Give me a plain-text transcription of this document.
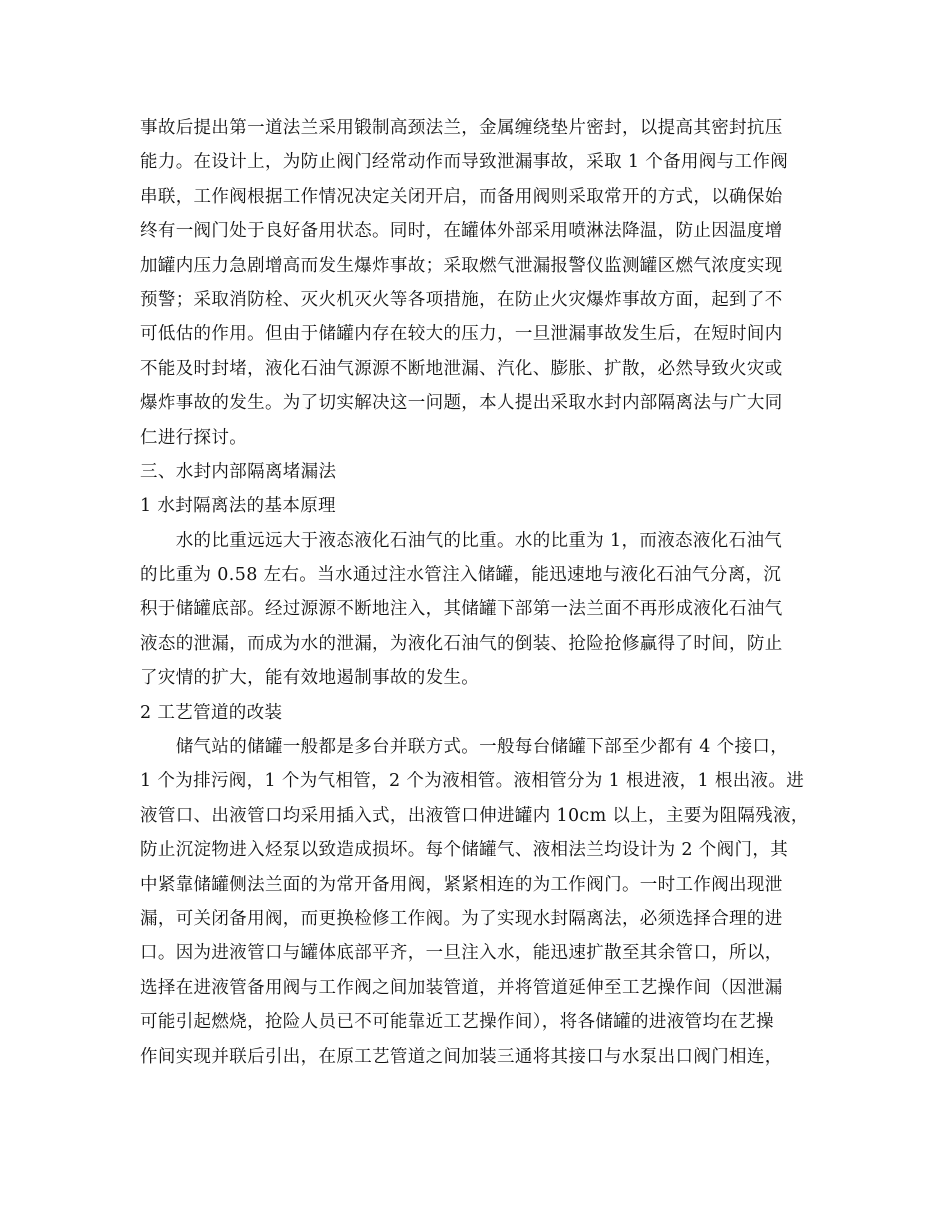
事故后提出第一道法兰采用锻制高颈法兰，金属缠绕垫片密封，以提高其密封抗压
能力。在设计上，为防止阀门经常动作而导致泄漏事故，采取 1 个备用阀与工作阀
串联，工作阀根据工作情况决定关闭开启，而备用阀则采取常开的方式，以确保始
终有一阀门处于良好备用状态。同时，在罐体外部采用喷淋法降温，防止因温度增
加罐内压力急剧增高而发生爆炸事故；采取燃气泄漏报警仪监测罐区燃气浓度实现
预警；采取消防栓、灭火机灭火等各项措施，在防止火灾爆炸事故方面，起到了不
可低估的作用。但由于储罐内存在较大的压力，一旦泄漏事故发生后，在短时间内
不能及时封堵，液化石油气源源不断地泄漏、汽化、膨胀、扩散，必然导致火灾或
爆炸事故的发生。为了切实解决这一问题，本人提出采取水封内部隔离法与广大同
仁进行探讨。
三、水封内部隔离堵漏法
1 水封隔离法的基本原理
　　水的比重远远大于液态液化石油气的比重。水的比重为 1，而液态液化石油气
的比重为 0.58 左右。当水通过注水管注入储罐，能迅速地与液化石油气分离，沉
积于储罐底部。经过源源不断地注入，其储罐下部第一法兰面不再形成液化石油气
液态的泄漏，而成为水的泄漏，为液化石油气的倒装、抢险抢修赢得了时间，防止
了灾情的扩大，能有效地遏制事故的发生。
2 工艺管道的改装
　　储气站的储罐一般都是多台并联方式。一般每台储罐下部至少都有 4 个接口，
1 个为排污阀，1 个为气相管，2 个为液相管。液相管分为 1 根进液，1 根出液。进
液管口、出液管口均采用插入式，出液管口伸进罐内 10cm 以上，主要为阻隔残液，
防止沉淀物进入烃泵以致造成损坏。每个储罐气、液相法兰均设计为 2 个阀门，其
中紧靠储罐侧法兰面的为常开备用阀，紧紧相连的为工作阀门。一时工作阀出现泄
漏，可关闭备用阀，而更换检修工作阀。为了实现水封隔离法，必须选择合理的进
口。因为进液管口与罐体底部平齐，一旦注入水，能迅速扩散至其余管口，所以，
选择在进液管备用阀与工作阀之间加装管道，并将管道延伸至工艺操作间（因泄漏
可能引起燃烧，抢险人员已不可能靠近工艺操作间），将各储罐的进液管均在艺操
作间实现并联后引出，在原工艺管道之间加装三通将其接口与水泵出口阀门相连，
